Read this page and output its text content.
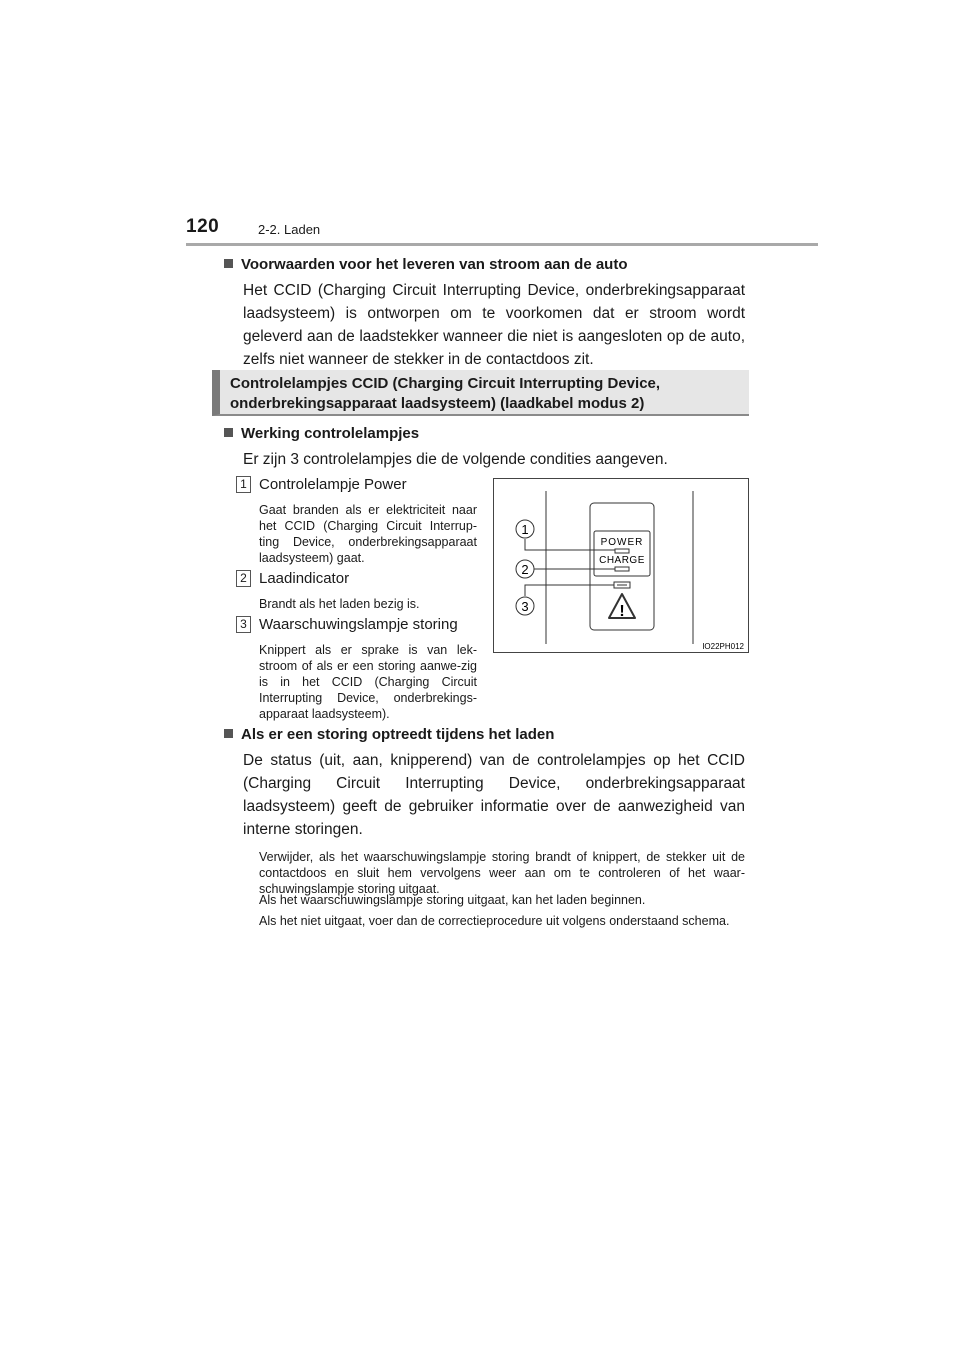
120	2-2. Laden
Voorwaarden voor het leveren van stroom aan de auto
Het CCID (Charging Circuit Interrupting Device, onderbrekingsapparaat laadsysteem) is ontworpen om te voorkomen dat er stroom wordt geleverd aan de laadstekker wanneer die niet is aangesloten op de auto, zelfs niet wanneer de stekker in de contactdoos zit.
Controlelampjes CCID (Charging Circuit Interrupting Device, onderbrekingsapparaat laadsysteem) (laadkabel modus 2)
Werking controlelampjes
Er zijn 3 controlelampjes die de volgende condities aangeven.
1 Controlelampje Power
Gaat branden als er elektriciteit naar het CCID (Charging Circuit Interrup-ting Device, onderbrekingsapparaat laadsysteem) gaat.
2 Laadindicator
Brandt als het laden bezig is.
3 Waarschuwingslampje storing
Knippert als er sprake is van lek-stroom of als er een storing aanwe-zig is in het CCID (Charging Circuit Interrupting Device, onderbrekings-apparaat laadsysteem).
POWER
CHARGE
!
1
2
3
IO22PH012
Als er een storing optreedt tijdens het laden
De status (uit, aan, knipperend) van de controlelampjes op het CCID (Charging Circuit Interrupting Device, onderbrekingsapparaat laadsysteem) geeft de gebruiker informatie over de aanwezigheid van interne storingen.
Verwijder, als het waarschuwingslampje storing brandt of knippert, de stekker uit de contactdoos en sluit hem vervolgens weer aan om te controleren of het waar-schuwingslampje storing uitgaat.
Als het waarschuwingslampje storing uitgaat, kan het laden beginnen.
Als het niet uitgaat, voer dan de correctieprocedure uit volgens onderstaand schema.
